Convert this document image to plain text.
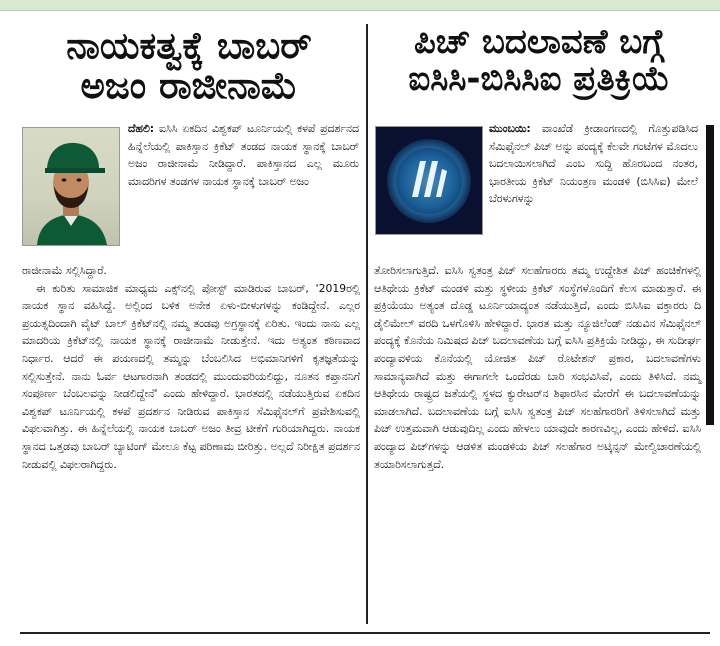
ನಾಯಕತ್ವಕ್ಕೆ ಬಾಬರ್
ಅಜಂ ರಾಜೀನಾಮೆ
ಪಿಚ್ ಬದಲಾವಣೆ ಬಗ್ಗೆ
ಐಸಿಸಿ-ಬಿಸಿಸಿಐ ಪ್ರತಿಕ್ರಿಯೆ

ದೆಹಲಿ: ಐಸಿಸಿ ಏಕದಿನ ವಿಶ್ವಕಪ್ ಟೂರ್ನಿಯಲ್ಲಿ ಕಳಪೆ ಪ್ರದರ್ಶನದ ಹಿನ್ನೆಲೆಯಲ್ಲಿ ಪಾಕಿಸ್ತಾನ ಕ್ರಿಕೆಟ್ ತಂಡದ ನಾಯಕ ಸ್ಥಾನಕ್ಕೆ ಬಾಬರ್ ಅಜಂ ರಾಜೀನಾಮೆ ನೀಡಿದ್ದಾರೆ. ಪಾಕಿಸ್ತಾನದ ಎಲ್ಲ ಮೂರು ಮಾದರಿಗಳ ತಂಡಗಳ ನಾಯಕ ಸ್ಥಾನಕ್ಕೆ ಬಾಬರ್ ಅಜಂ

ರಾಜೀನಾಮೆ ಸಲ್ಲಿಸಿದ್ದಾರೆ.

ಈ ಕುರಿತು ಸಾಮಾಜಿಕ ಮಾಧ್ಯಮ ಎಕ್ಸ್‌ನಲ್ಲಿ ಪೋಸ್ಟ್ ಮಾಡಿರುವ ಬಾಬರ್, '2019ರಲ್ಲಿ ನಾಯಕ ಸ್ಥಾನ ವಹಿಸಿದ್ದೆ. ಅಲ್ಲಿಂದ ಬಳಿಕ ಅನೇಕ ಏಳು-ಬೀಳುಗಳನ್ನು ಕಂಡಿದ್ದೇನೆ. ಎಲ್ಲರ ಪ್ರಯತ್ನದಿಂದಾಗಿ ವೈಟ್ ಬಾಲ್ ಕ್ರಿಕೆಟ್‌ನಲ್ಲಿ ನಮ್ಮ ತಂಡವು ಅಗ್ರಸ್ಥಾನಕ್ಕೆ ಏರಿತು. ಇಂದು ನಾನು ಎಲ್ಲ ಮಾದರಿಯ ಕ್ರಿಕೆಟ್‌ನಲ್ಲಿ ನಾಯಕ ಸ್ಥಾನಕ್ಕೆ ರಾಜೀನಾಮೆ ನೀಡುತ್ತೇನೆ. ಇದು ಅತ್ಯಂತ ಕಠಿಣವಾದ ನಿರ್ಧಾರ. ಆದರೆ ಈ ಪಯಣದಲ್ಲಿ ತಮ್ಮನ್ನು ಬೆಂಬಲಿಸಿದ ಅಭಿಮಾನಿಗಳಿಗೆ ಕೃತಜ್ಞತೆಯನ್ನು ಸಲ್ಲಿಸುತ್ತೇನೆ. ನಾನು ಓರ್ವ ಆಟಗಾರನಾಗಿ ತಂಡದಲ್ಲಿ ಮುಂದುವರಿಯಲಿದ್ದು, ನೂತನ ಕಪ್ತಾನನಿಗೆ ಸಂಪೂರ್ಣ ಬೆಂಬಲವನ್ನು ನೀಡಲಿದ್ದೇನೆ' ಎಂದು ಹೇಳಿದ್ದಾರೆ. ಭಾರತದಲ್ಲಿ ನಡೆಯುತ್ತಿರುವ ಏಕದಿನ ವಿಶ್ವಕಪ್ ಟೂರ್ನಿಯಲ್ಲಿ ಕಳಪೆ ಪ್ರದರ್ಶನ ನೀಡಿರುವ ಪಾಕಿಸ್ತಾನ ಸೆಮಿಫೈನಲ್‌ಗೆ ಪ್ರವೇಶಿಸುವಲ್ಲಿ ವಿಫಲವಾಗಿತ್ತು. ಈ ಹಿನ್ನೆಲೆಯಲ್ಲಿ ನಾಯಕ ಬಾಬರ್ ಅಜಂ ತೀವ್ರ ಟೀಕೆಗೆ ಗುರಿಯಾಗಿದ್ದರು. ನಾಯಕ ಸ್ಥಾನದ ಒತ್ತಡವು ಬಾಬರ್ ಬ್ಯಾಟಿಂಗ್ ಮೇಲೂ ಕೆಟ್ಟ ಪರಿಣಾಮ ಬೀರಿತ್ತು. ಅಲ್ಲದೆ ನಿರೀಕ್ಷಿತ ಪ್ರದರ್ಶನ ನೀಡುವಲ್ಲಿ ವಿಫಲರಾಗಿದ್ದರು.

ಮುಂಬಯಿ: ವಾಂಖೆಡೆ ಕ್ರೀಡಾಂಗಣದಲ್ಲಿ ಗೊತ್ತುಪಡಿಸಿದ ಸೆಮಿಫೈನಲ್ ಪಿಚ್ ಅನ್ನು ಪಂದ್ಯಕ್ಕೆ ಕೆಲವೇ ಗಂಟೆಗಳ ಮೊದಲು ಬದಲಾಯಿಸಲಾಗಿದೆ ಎಂಬ ಸುದ್ದಿ ಹೊರಬಂದ ನಂತರ, ಭಾರತೀಯ ಕ್ರಿಕೆಟ್ ನಿಯಂತ್ರಣ ಮಂಡಳಿ (ಬಿಸಿಸಿಐ) ಮೇಲೆ ಬೆರಳುಗಳನ್ನು

ತೋರಿಸಲಾಗುತ್ತಿದೆ. ಐಸಿಸಿ ಸ್ವತಂತ್ರ ಪಿಚ್ ಸಲಹೆಗಾರರು ತಮ್ಮ ಉದ್ದೇಶಿತ ಪಿಚ್ ಹಂಚಿಕೆಗಳಲ್ಲಿ ಆತಿಥೇಯ ಕ್ರಿಕೆಟ್ ಮಂಡಳಿ ಮತ್ತು ಸ್ಥಳೀಯ ಕ್ರಿಕೆಟ್ ಸಂಸ್ಥೆಗಳೊಂದಿಗೆ ಕೆಲಸ ಮಾಡುತ್ತಾರೆ. ಈ ಪ್ರಕ್ರಿಯೆಯು ಅತ್ಯಂತ ದೊಡ್ಡ ಟೂರ್ನಿಯಾದ್ಯಂತ ನಡೆಯುತ್ತಿದೆ, ಎಂದು ಬಿಸಿಸಿಐ ವಕ್ತಾರರು ದಿ ಡೈಲಿಮೇಲ್ ವರದಿ ಒಳಗೊಳಿಸಿ ಹೇಳಿದ್ದಾರೆ. ಭಾರತ ಮತ್ತು ನ್ಯೂಜಿಲೆಂಡ್ ನಡುವಿನ ಸೆಮಿಫೈನಲ್ ಪಂದ್ಯಕ್ಕೆ ಕೊನೆಯ ನಿಮಿಷದ ಪಿಚ್ ಬದಲಾವಣೆಯ ಬಗ್ಗೆ ಐಸಿಸಿ ಪ್ರತಿಕ್ರಿಯೆ ನೀಡಿದ್ದು, ಈ ಸುದೀರ್ಘ ಪಂದ್ಯಾವಳಿಯ ಕೊನೆಯಲ್ಲಿ ಯೋಜಿತ ಪಿಚ್ ರೊಟೇಶನ್ ಪ್ರಕಾರ, ಬದಲಾವಣೆಗಳು ಸಾಮಾನ್ಯವಾಗಿದೆ ಮತ್ತು ಈಗಾಗಲೇ ಒಂದೆರಡು ಬಾರಿ ಸಂಭವಿಸಿವೆ, ಎಂದು ತಿಳಿಸಿದೆ. ನಮ್ಮ ಆತಿಥೇಯ ರಾಷ್ಟ್ರದ ಜತೆಯಲ್ಲಿ ಸ್ಥಳದ ಕ್ಯುರೇಟರ್‌ನ ಶಿಫಾರಸಿನ ಮೇರೆಗೆ ಈ ಬದಲಾವಣೆಯನ್ನು ಮಾಡಲಾಗಿದೆ. ಬದಲಾವಣೆಯ ಬಗ್ಗೆ ಐಸಿಸಿ ಸ್ವತಂತ್ರ ಪಿಚ್ ಸಲಹೆಗಾರರಿಗೆ ತಿಳಿಸಲಾಗಿದೆ ಮತ್ತು ಪಿಚ್ ಉತ್ತಮವಾಗಿ ಆಡುವುದಿಲ್ಲ ಎಂದು ಹೇಳಲು ಯಾವುದೇ ಕಾರಣವಿಲ್ಲ, ಎಂದು ಹೇಳಿದೆ. ಐಸಿಸಿ ಪಂದ್ಯಾದ ಪಿಚ್‌ಗಳನ್ನು ಆಡಳಿತ ಮಂಡಳಿಯ ಪಿಚ್ ಸಲಹೆಗಾರ ಅಟ್ಕಿನ್ಸನ್ ಮೇಲ್ವಿಚಾರಣೆಯಲ್ಲಿ ತಯಾರಿಸಲಾಗುತ್ತದೆ.
